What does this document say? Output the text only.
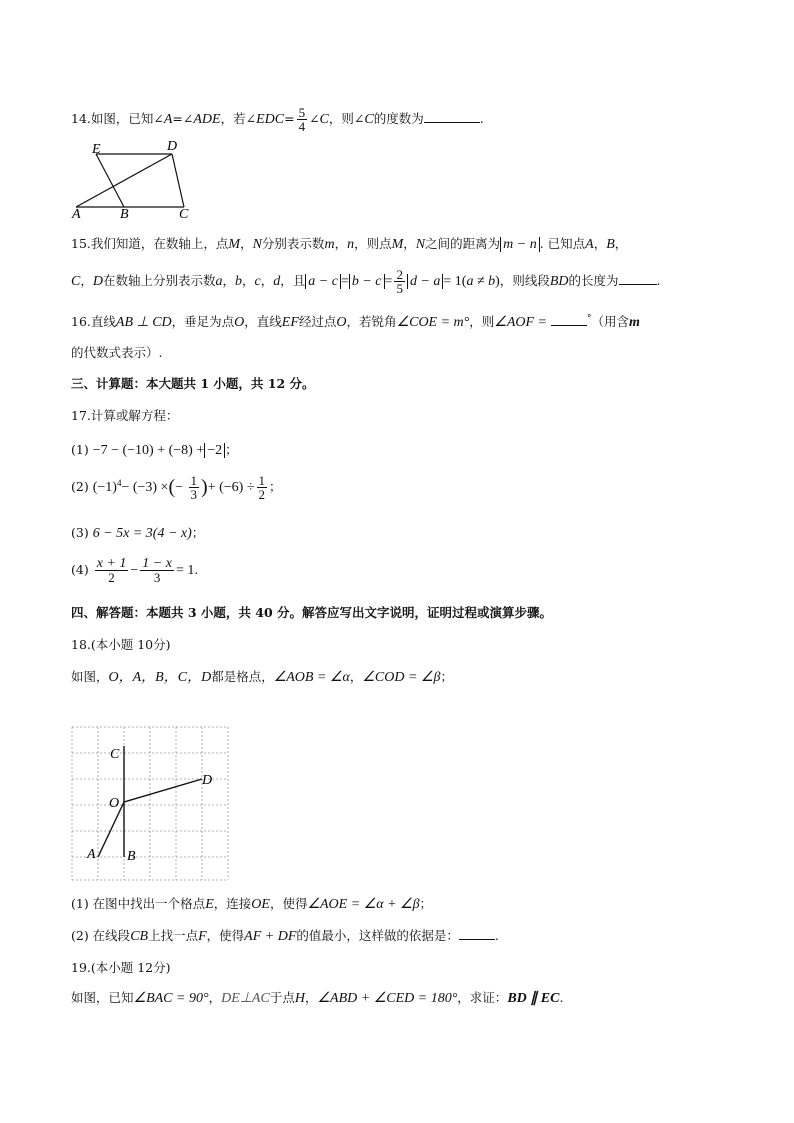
14.如图，已知∠A=∠ADE，若∠EDC= $\frac{5}{4}$ ∠C，则∠C的度数为	.
E	D
A	B	C
15.我们知道，在数轴上，点M，N分别表示数m，n，则点M，N之间的距离为 m − n . 已知点A，B，
C，D在数轴上分别表示数a，b，c，d，且 $a - c = b - c = \frac{2}{5}$ d − a = 1(a ≠ b)，则线段BD的长度为	.
16.直线AB ⊥ CD，垂足为点O，直线EF经过点O，若锐角∠COE = m°，则∠AOF =	°（用含m
的代数式表示）.
三、计算题：本大题共 1 小题，共 12 分。
17.计算或解方程：
(1) −7 − (−10) + (−8) + −2 ；
(2) $(-1)^4- (-3)$ ×(− $\frac{1}{3}$ )+ $(-6) \div \frac{1}{2}$ ；
(3) 6 − 5x = 3(4 − x)；
$(4) \frac{x + 1}{2} - \frac{1 - x}{3} = 1$.
四、解答题：本题共 3 小题，共 40 分。解答应写出文字说明，证明过程或演算步骤。
18.(本小题 10分)
如图，O，A，B，C，D都是格点，∠AOB = ∠α，∠COD = ∠β；
C
D
O
A B
(1) 在图中找出一个格点E，连接OE，使得∠AOE = ∠α + ∠β；
(2) 在线段CB上找一点F，使得AF + DF的值最小，这样做的依据是：	.
19.(本小题 12分)
如图，已知∠BAC = 90°，DE⊥AC于点H，∠ABD + ∠CED = 180°，求证：BD ∥ EC.
